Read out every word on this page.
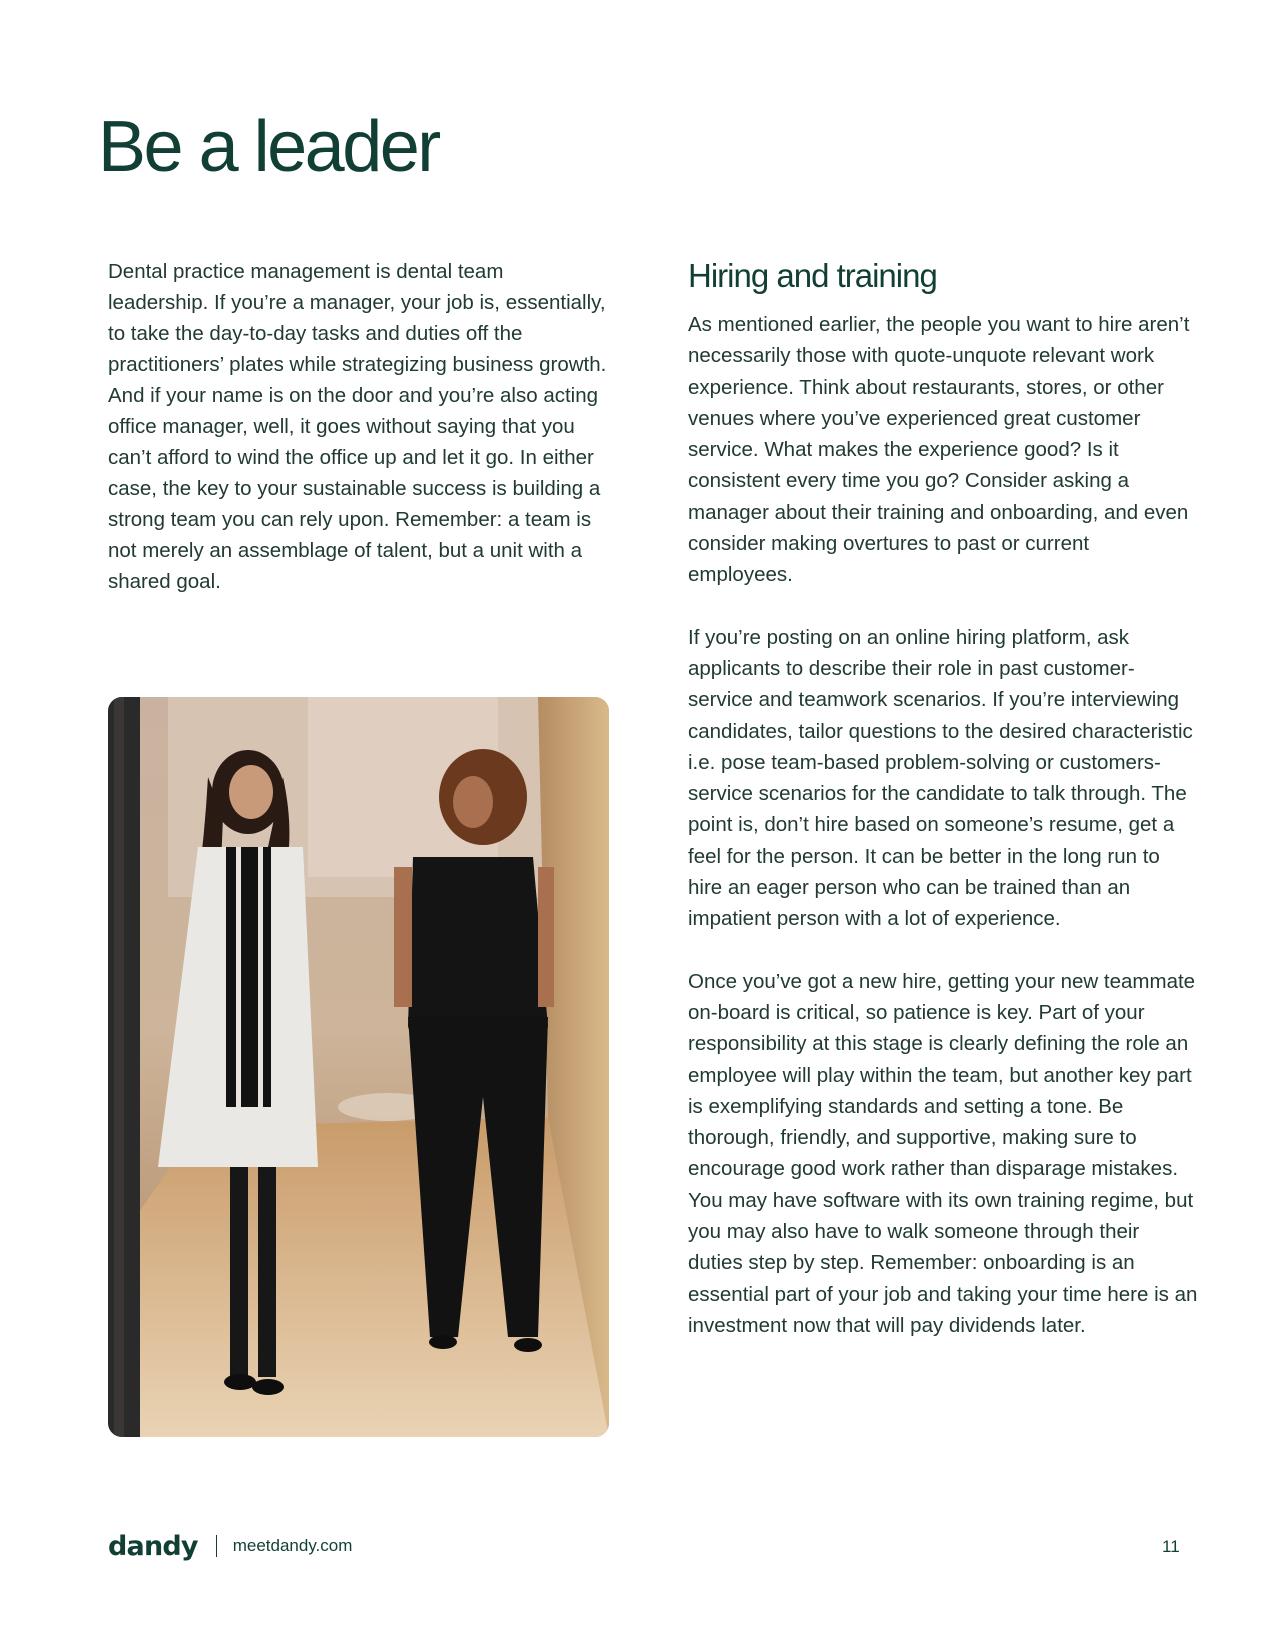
Be a leader

Dental practice management is dental team leadership. If you’re a manager, your job is, essentially, to take the day-to-day tasks and duties off the practitioners’ plates while strategizing business growth. And if your name is on the door and you’re also acting office manager, well, it goes without saying that you can’t afford to wind the office up and let it go. In either case, the key to your sustainable success is building a strong team you can rely upon. Remember: a team is not merely an assemblage of talent, but a unit with a shared goal.

Hiring and training

As mentioned earlier, the people you want to hire aren’t necessarily those with quote-unquote relevant work experience. Think about restaurants, stores, or other venues where you’ve experienced great customer service. What makes the experience good? Is it consistent every time you go? Consider asking a manager about their training and onboarding, and even consider making overtures to past or current employees.

If you’re posting on an online hiring platform, ask applicants to describe their role in past customer-service and teamwork scenarios. If you’re interviewing candidates, tailor questions to the desired characteristic i.e. pose team-based problem-solving or customers-service scenarios for the candidate to talk through. The point is, don’t hire based on someone’s resume, get a feel for the person. It can be better in the long run to hire an eager person who can be trained than an impatient person with a lot of experience.

Once you’ve got a new hire, getting your new teammate on-board is critical, so patience is key. Part of your responsibility at this stage is clearly defining the role an employee will play within the team, but another key part is exemplifying standards and setting a tone. Be thorough, friendly, and supportive, making sure to encourage good work rather than disparage mistakes. You may have software with its own training regime, but you may also have to walk someone through their duties step by step. Remember: onboarding is an essential part of your job and taking your time here is an investment now that will pay dividends later.

dandy meetdandy.com	11
